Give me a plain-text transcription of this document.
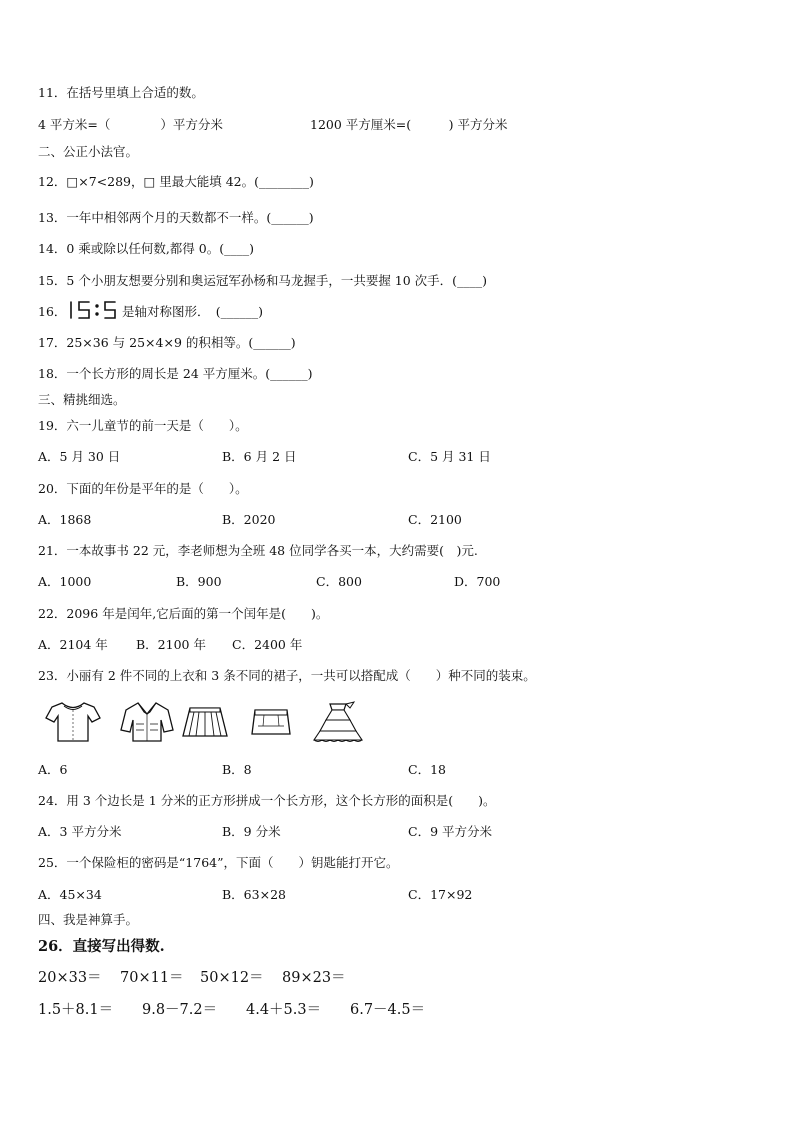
11．在括号里填上合适的数。
4 平方米=（　　　　）平方分米	1200 平方厘米=(　　　) 平方分米
二、公正小法官。
12．□×7<289，□ 里最大能填 42。(________)
13．一年中相邻两个月的天数都不一样。(______)
14．0 乘或除以任何数,都得 0。(____)
15．5 个小朋友想要分别和奥运冠军孙杨和马龙握手，一共要握 10 次手．(____)
16．	是轴对称图形．　(______)
17．25×36 与 25×4×9 的积相等。(______)
18．一个长方形的周长是 24 平方厘米。(______)
三、精挑细选。
19．六一儿童节的前一天是（　　）。
A．5 月 30 日	B．6 月 2 日	C．5 月 31 日
20．下面的年份是平年的是（　　）。
A．1868	B．2020	C．2100
21．一本故事书 22 元，李老师想为全班 48 位同学各买一本，大约需要(　)元.
A．1000	B．900	C．800	D．700
22．2096 年是闰年,它后面的第一个闰年是(　　)。
A．2104 年 B．2100 年 C．2400 年
23．小丽有 2 件不同的上衣和 3 条不同的裙子，一共可以搭配成（　　）种不同的装束。
A．6	B．8	C．18
24．用 3 个边长是 1 分米的正方形拼成一个长方形，这个长方形的面积是(　　)。
A．3 平方分米	B．9 分米	C．9 平方分米
25．一个保险柜的密码是“1764”，下面（　　）钥匙能打开它。
A．45×34	B．63×28	C．17×92
四、我是神算手。
26．直接写出得数.
20×33＝ 70×11＝ 50×12＝ 89×23＝
1.5＋8.1＝ 9.8－7.2＝ 4.4＋5.3＝ 6.7－4.5＝
